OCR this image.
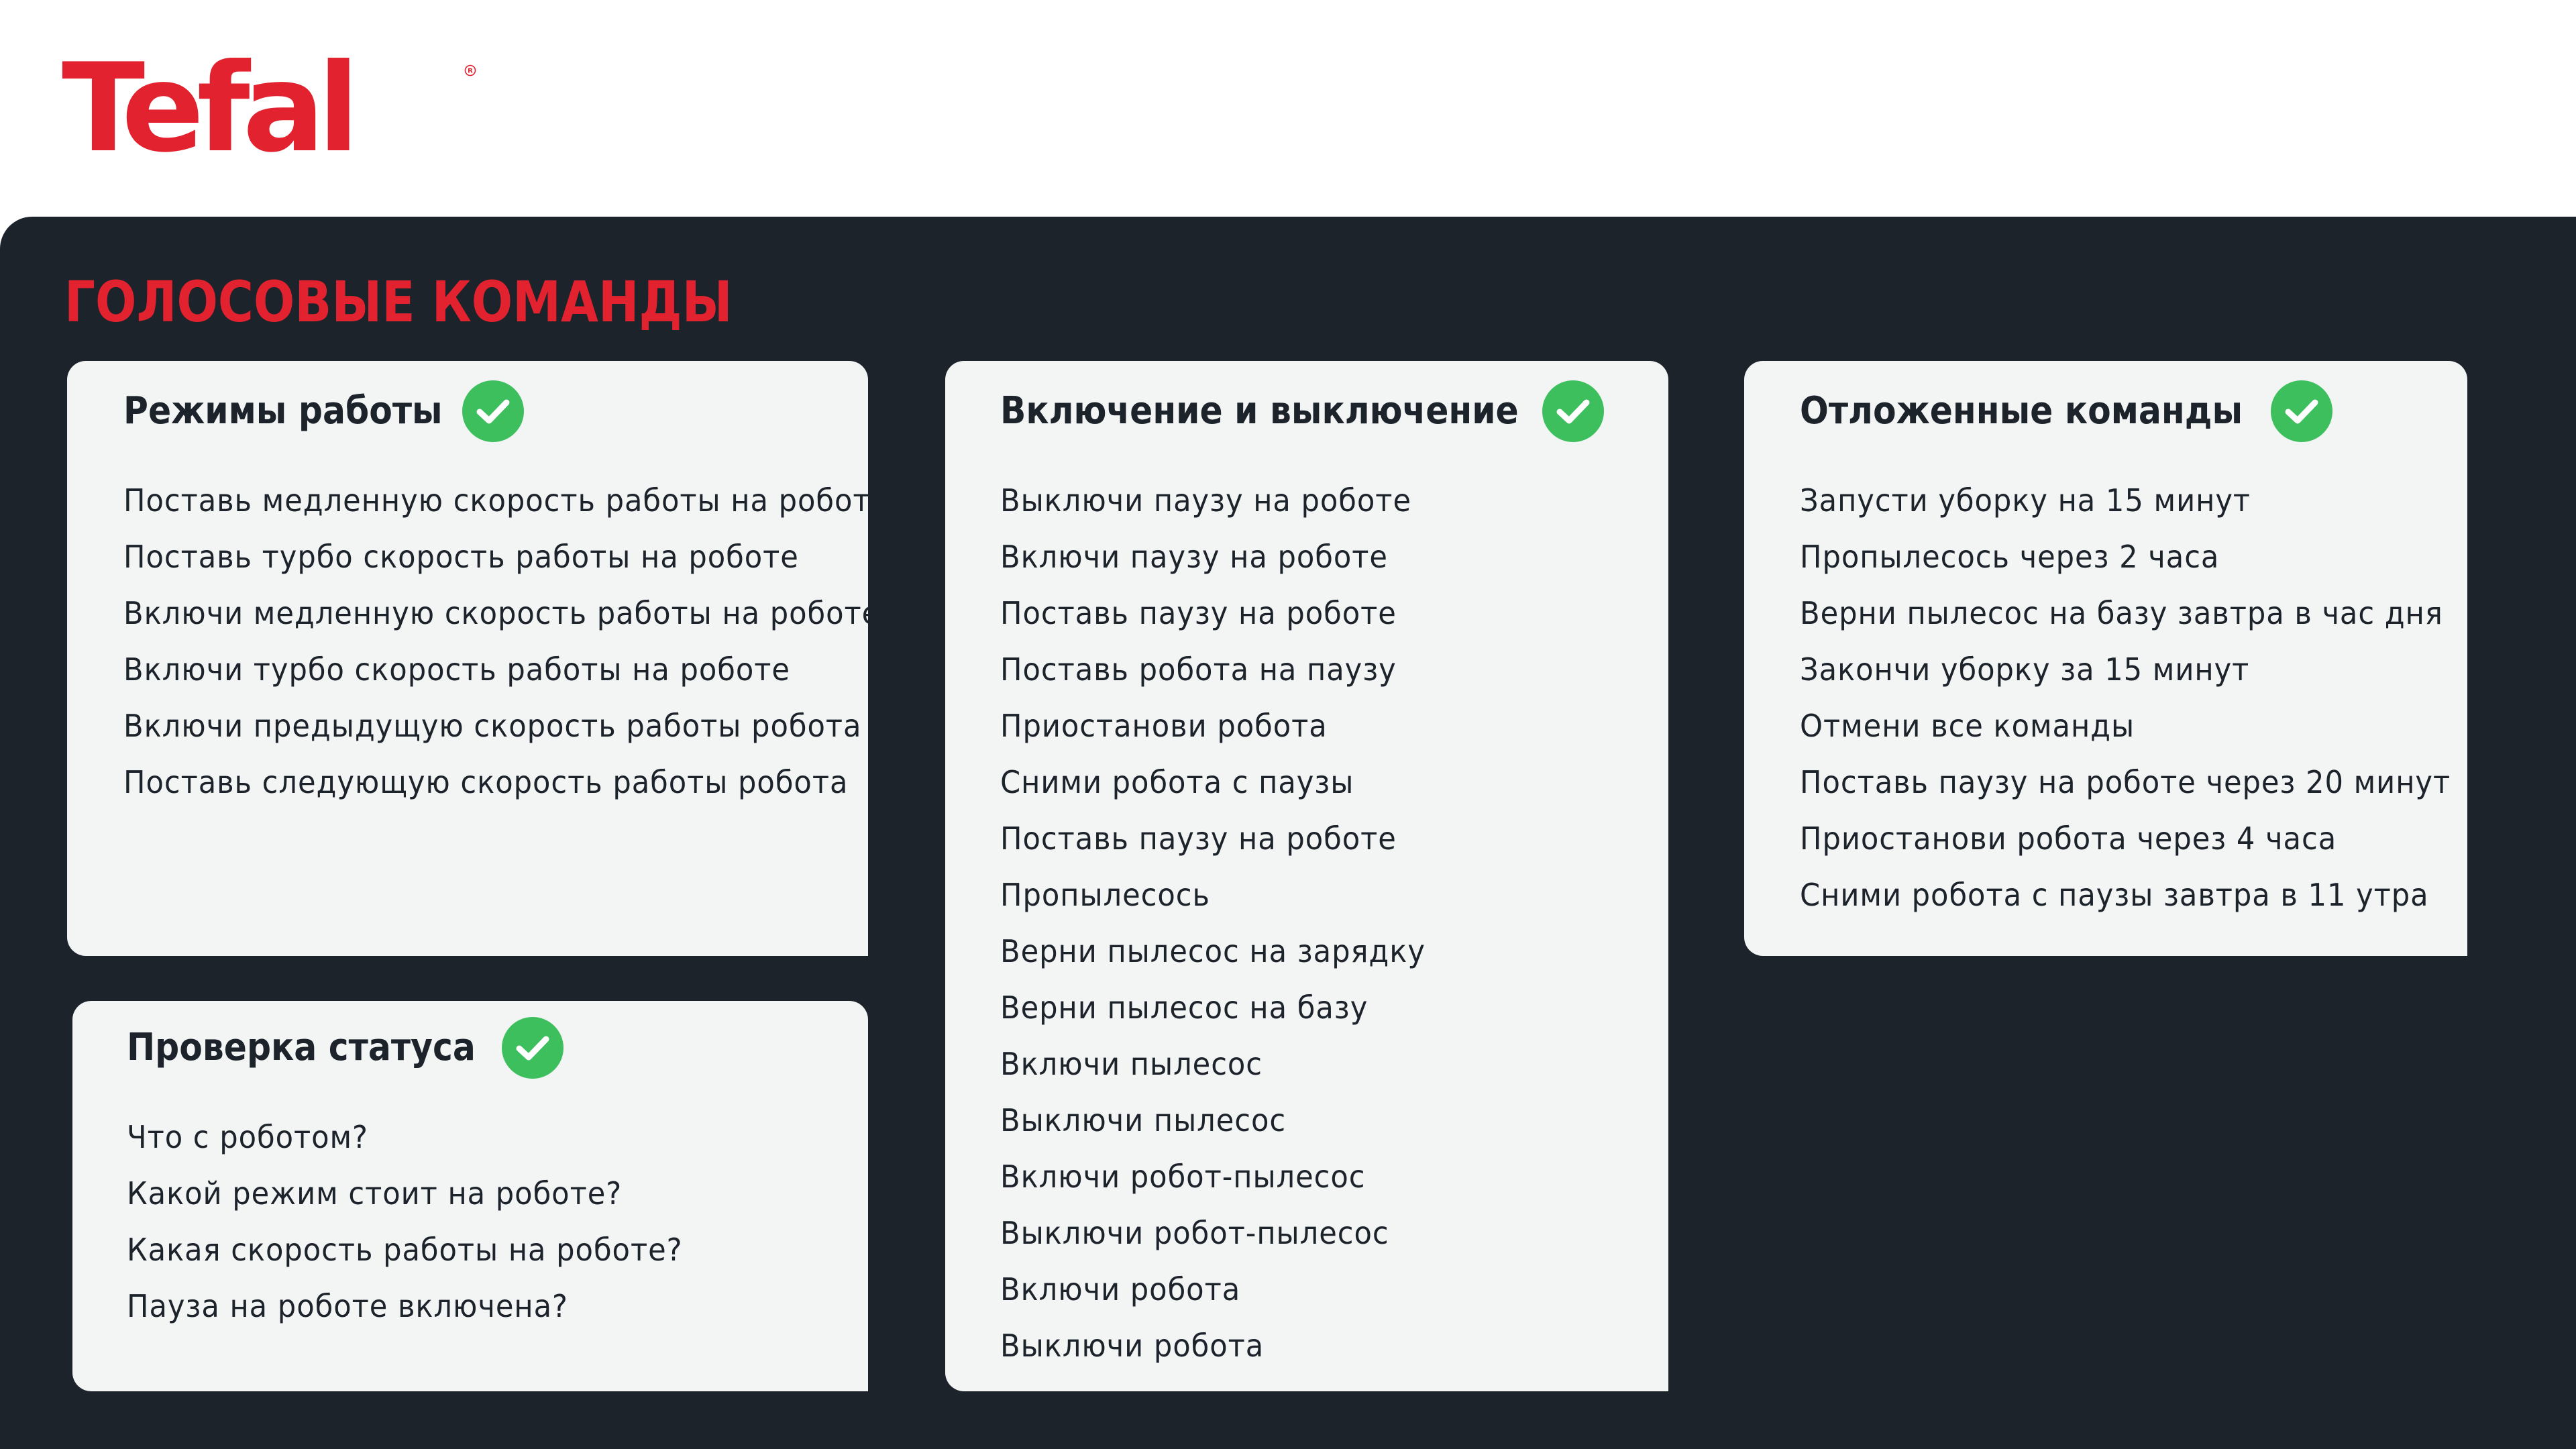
Tefal	R
ГОЛОСОВЫЕ КОМАНДЫ
Режимы работы
Поставь медленную скорость работы на роботе
Поставь турбо скорость работы на роботе
Включи медленную скорость работы на роботе
Включи турбо скорость работы на роботе
Включи предыдущую скорость работы робота
Поставь следующую скорость работы робота
Проверка статуса
Что с роботом?
Какой режим стоит на роботе?
Какая скорость работы на роботе?
Пауза на роботе включена?
Включение и выключение
Выключи паузу на роботе
Включи паузу на роботе
Поставь паузу на роботе
Поставь робота на паузу
Приостанови робота
Сними робота с паузы
Поставь паузу на роботе
Пропылесось
Верни пылесос на зарядку
Верни пылесос на базу
Включи пылесос
Выключи пылесос
Включи робот-пылесос
Выключи робот-пылесос
Включи робота
Выключи робота
Отложенные команды
Запусти уборку на 15 минут
Пропылесось через 2 часа
Верни пылесос на базу завтра в час дня
Закончи уборку за 15 минут
Отмени все команды
Поставь паузу на роботе через 20 минут
Приостанови робота через 4 часа
Сними робота с паузы завтра в 11 утра
